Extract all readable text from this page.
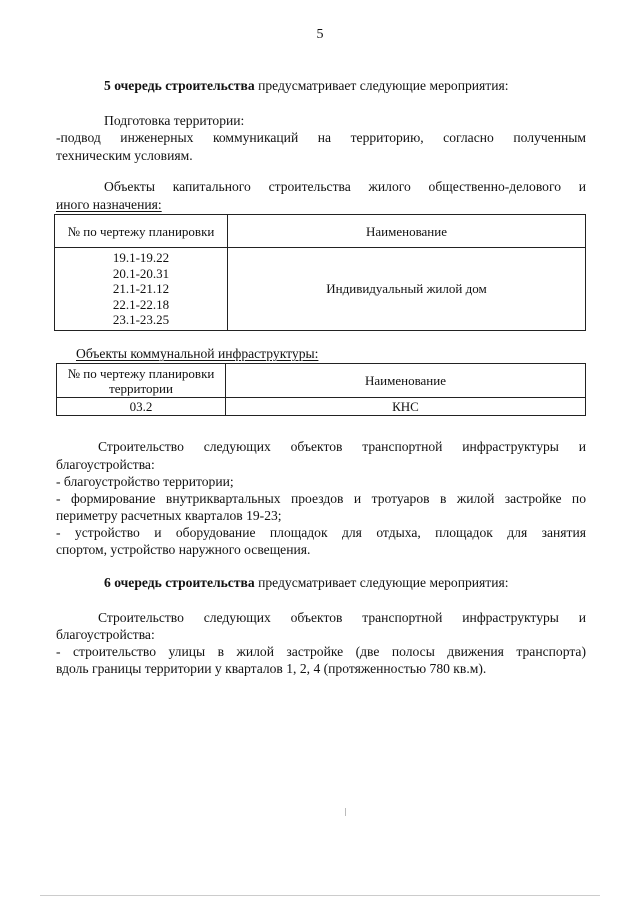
5
5 очередь строительства предусматривает следующие мероприятия:
Подготовка территории:
-подвод инженерных коммуникаций на территорию, согласно полученным
техническим условиям.
Объекты капитального строительства жилого общественно-делового и
иного назначения:
№ по чертежу планировки	Наименование

19.1-19.22
20.1-20.31
21.1-21.12
22.1-22.18
23.1-23.25	Индивидуальный жилой дом
Объекты коммунальной инфраструктуры:
№ по чертежу планировки
территории	Наименование
03.2	КНС
Строительство следующих объектов транспортной инфраструктуры и
благоустройства:
- благоустройство территории;
- формирование внутриквартальных проездов и тротуаров в жилой застройке по
периметру расчетных кварталов 19-23;
- устройство и оборудование площадок для отдыха, площадок для занятия
спортом, устройство наружного освещения.
6 очередь строительства предусматривает следующие мероприятия:
Строительство следующих объектов транспортной инфраструктуры и
благоустройства:
- строительство улицы в жилой застройке (две полосы движения транспорта)
вдоль границы территории у кварталов 1, 2, 4 (протяженностью 780 кв.м).
